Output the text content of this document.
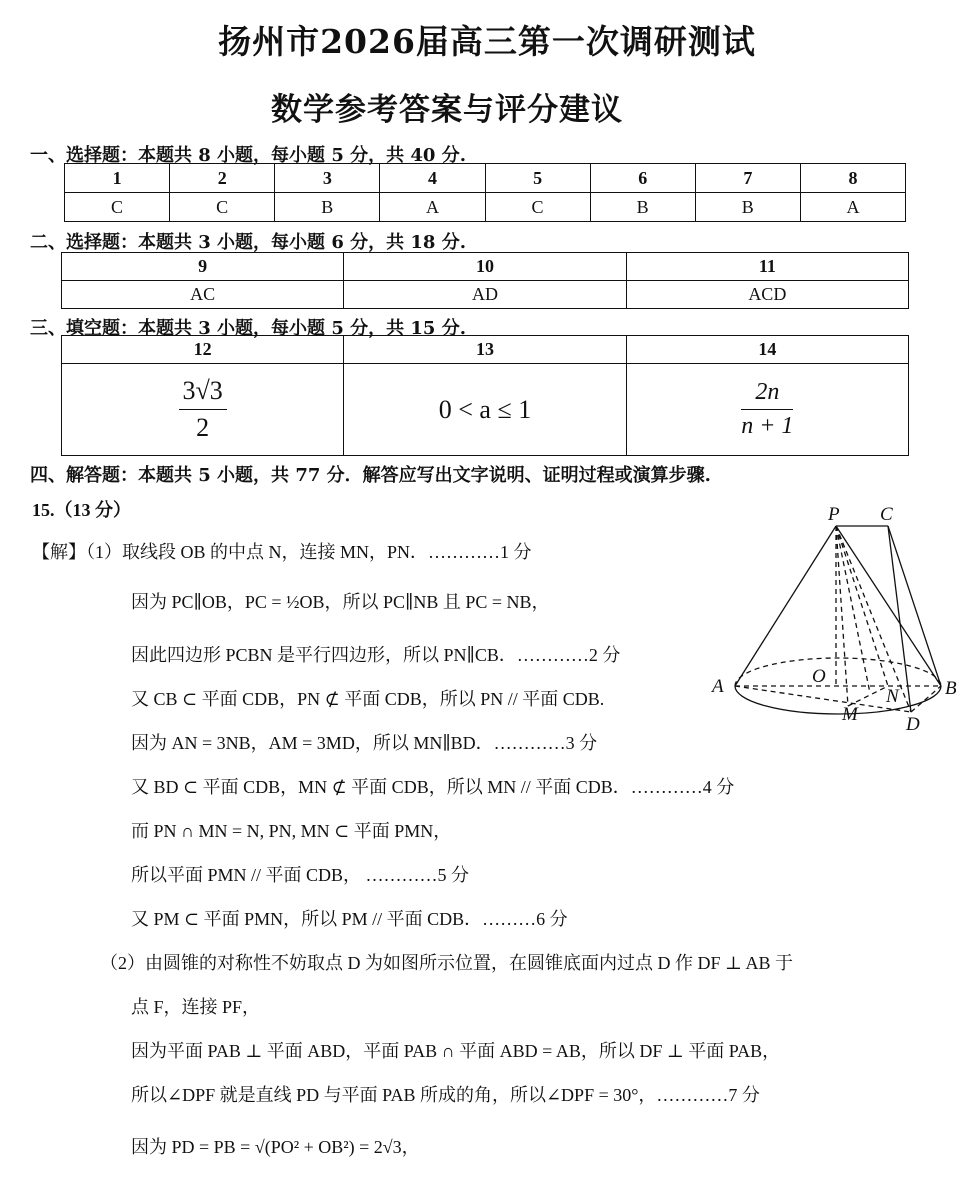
扬州市2026届高三第一次调研测试
数学参考答案与评分建议
一、选择题：本题共 8 小题，每小题 5 分，共 40 分.
1	2	3	4	5	6	7	8
C	C	B	A	C	B	B	A
二、选择题：本题共 3 小题，每小题 6 分，共 18 分.
9	10	11
AC	AD	ACD
三、填空题：本题共 3 小题，每小题 5 分，共 15 分.
12	13	14

$\frac{3√3}{2}$	0 < a ≤ 1	$\frac{2n}{n + 1}$
四、解答题：本题共 5 小题，共 77 分．解答应写出文字说明、证明过程或演算步骤.
15.（13 分）
【解】（1）取线段 OB 的中点 N，连接 MN，PN．…………1 分
因为 PC∥OB，PC = ½OB，所以 PC∥NB 且 PC = NB，
因此四边形 PCBN 是平行四边形，所以 PN∥CB．…………2 分
又 CB ⊂ 平面 CDB，PN ⊄ 平面 CDB，所以 PN // 平面 CDB.
因为 AN = 3NB，AM = 3MD，所以 MN∥BD．…………3 分
又 BD ⊂ 平面 CDB，MN ⊄ 平面 CDB，所以 MN // 平面 CDB．…………4 分
而 PN ∩ MN = N, PN, MN ⊂ 平面 PMN，
所以平面 PMN // 平面 CDB， …………5 分
又 PM ⊂ 平面 PMN，所以 PM // 平面 CDB．………6 分
（2）由圆锥的对称性不妨取点 D 为如图所示位置，在圆锥底面内过点 D 作 DF ⊥ AB 于
点 F，连接 PF，
因为平面 PAB ⊥ 平面 ABD，平面 PAB ∩ 平面 ABD = AB，所以 DF ⊥ 平面 PAB，
所以∠DPF 就是直线 PD 与平面 PAB 所成的角，所以∠DPF = 30°，…………7 分
因为 PD = PB = √(PO² + OB²) = 2√3，
P C
O
A	B
M
N
D
